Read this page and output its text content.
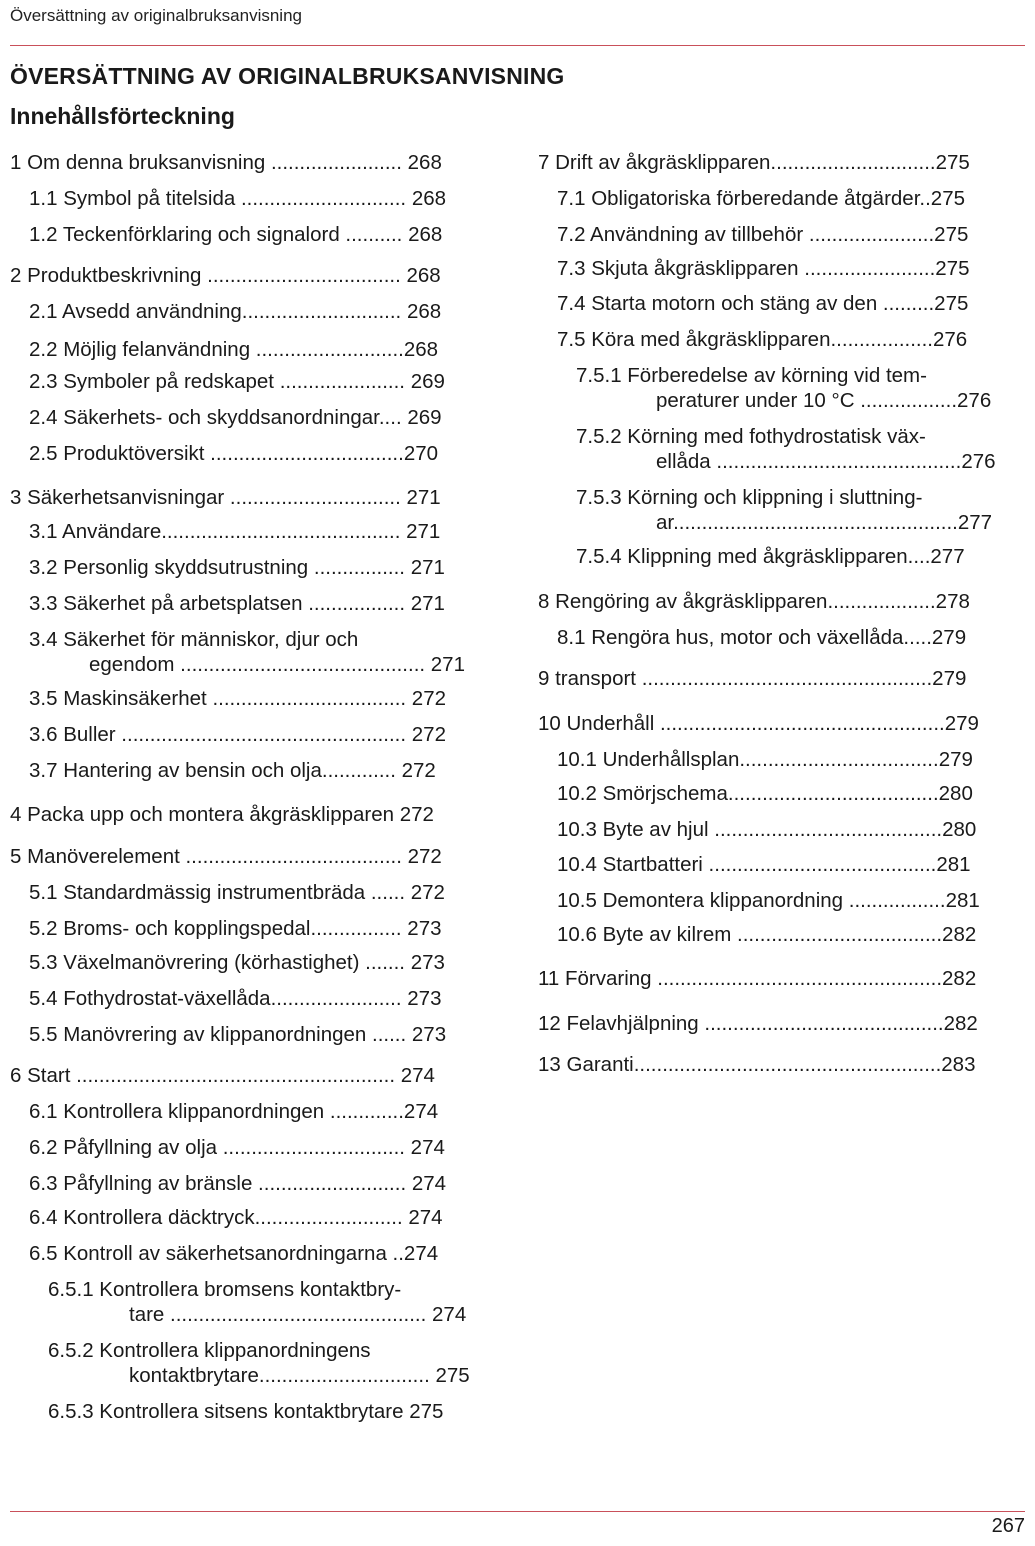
Översättning av originalbruksanvisning
ÖVERSÄTTNING AV ORIGINALBRUKSANVISNING
Innehållsförteckning
1 Om denna bruksanvisning ....................... 268
1.1 Symbol på titelsida ............................. 268
1.2 Teckenförklaring och signalord .......... 268
2 Produktbeskrivning .................................. 268
2.1 Avsedd användning............................ 268
2.2 Möjlig felanvändning ..........................268
2.3 Symboler på redskapet ...................... 269
2.4 Säkerhets- och skyddsanordningar.... 269
2.5 Produktöversikt ..................................270
3 Säkerhetsanvisningar .............................. 271
3.1 Användare.......................................... 271
3.2 Personlig skyddsutrustning ................ 271
3.3 Säkerhet på arbetsplatsen ................. 271
3.4 Säkerhet för människor, djur och
egendom ........................................... 271
3.5 Maskinsäkerhet .................................. 272
3.6 Buller .................................................. 272
3.7 Hantering av bensin och olja............. 272
4 Packa upp och montera åkgräsklipparen 272
5 Manöverelement ...................................... 272
5.1 Standardmässig instrumentbräda ...... 272
5.2 Broms- och kopplingspedal................ 273
5.3 Växelmanövrering (körhastighet) ....... 273
5.4 Fothydrostat-växellåda....................... 273
5.5 Manövrering av klippanordningen ...... 273
6 Start ........................................................ 274
6.1 Kontrollera klippanordningen .............274
6.2 Påfyllning av olja ................................ 274
6.3 Påfyllning av bränsle .......................... 274
6.4 Kontrollera däcktryck.......................... 274
6.5 Kontroll av säkerhetsanordningarna ..274
6.5.1 Kontrollera bromsens kontaktbry-
tare ............................................. 274
6.5.2 Kontrollera klippanordningens
kontaktbrytare.............................. 275
6.5.3 Kontrollera sitsens kontaktbrytare 275
7 Drift av åkgräsklipparen.............................275
7.1 Obligatoriska förberedande åtgärder..275
7.2 Användning av tillbehör ......................275
7.3 Skjuta åkgräsklipparen .......................275
7.4 Starta motorn och stäng av den .........275
7.5 Köra med åkgräsklipparen..................276
7.5.1 Förberedelse av körning vid tem-
peraturer under 10 °C .................276
7.5.2 Körning med fothydrostatisk väx-
ellåda ...........................................276
7.5.3 Körning och klippning i sluttning-
ar..................................................277
7.5.4 Klippning med åkgräsklipparen....277
8 Rengöring av åkgräsklipparen...................278
8.1 Rengöra hus, motor och växellåda.....279
9 transport ...................................................279
10 Underhåll ..................................................279
10.1 Underhållsplan...................................279
10.2 Smörjschema.....................................280
10.3 Byte av hjul ........................................280
10.4 Startbatteri ........................................281
10.5 Demontera klippanordning .................281
10.6 Byte av kilrem ....................................282
11 Förvaring ..................................................282
12 Felavhjälpning ..........................................282
13 Garanti......................................................283
267
